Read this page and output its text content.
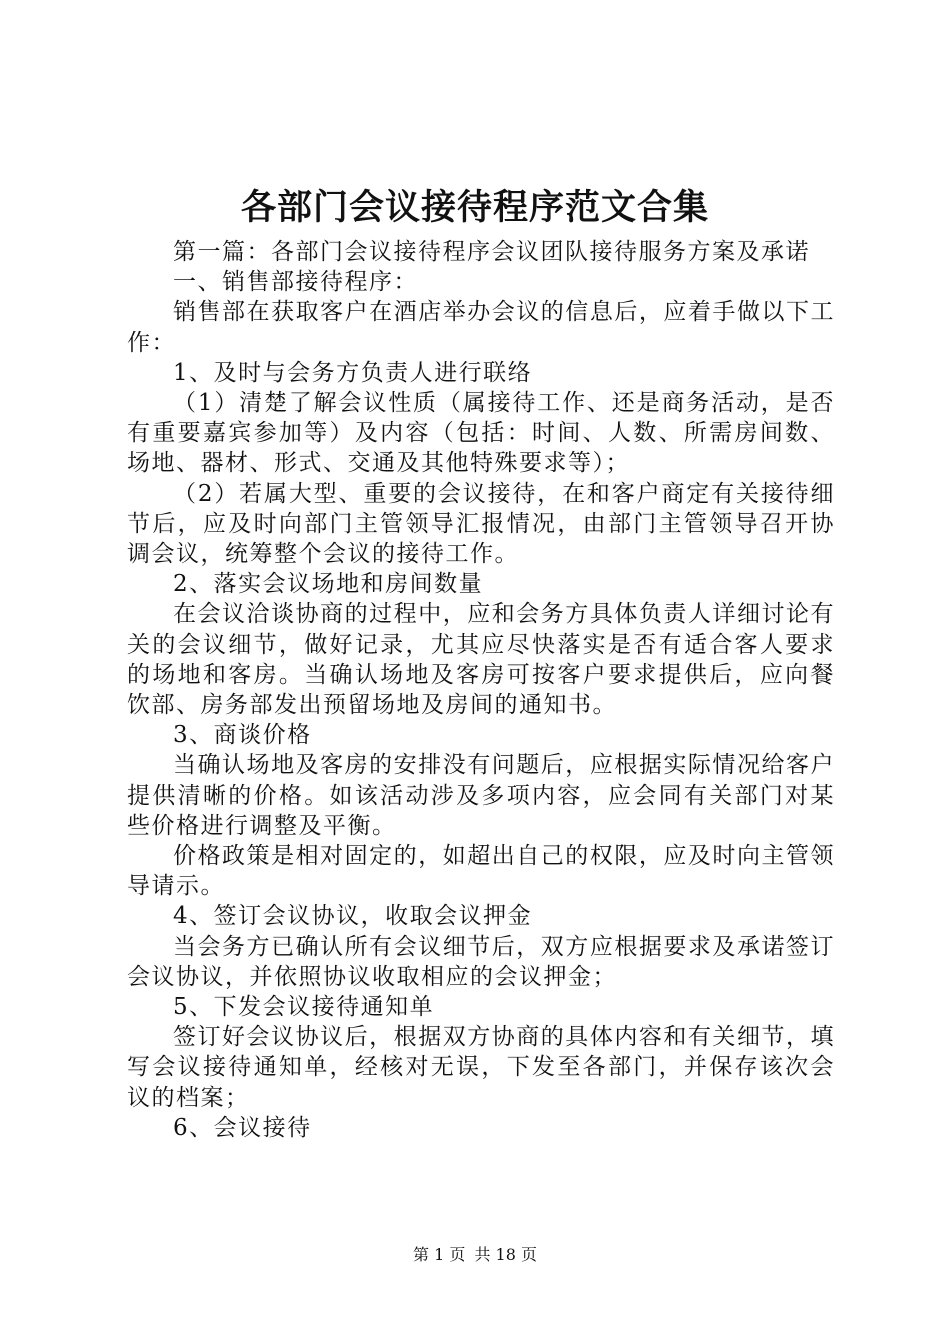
各部门会议接待程序范文合集

第一篇：各部门会议接待程序会议团队接待服务方案及承诺

一、销售部接待程序：

销售部在获取客户在酒店举办会议的信息后，应着手做以下工作：

1、及时与会务方负责人进行联络

（1）清楚了解会议性质（属接待工作、还是商务活动，是否有重要嘉宾参加等）及内容（包括：时间、人数、所需房间数、场地、器材、形式、交通及其他特殊要求等）；

（2）若属大型、重要的会议接待，在和客户商定有关接待细节后，应及时向部门主管领导汇报情况，由部门主管领导召开协调会议，统筹整个会议的接待工作。

2、落实会议场地和房间数量

在会议洽谈协商的过程中，应和会务方具体负责人详细讨论有关的会议细节，做好记录，尤其应尽快落实是否有适合客人要求的场地和客房。当确认场地及客房可按客户要求提供后，应向餐饮部、房务部发出预留场地及房间的通知书。

3、商谈价格

当确认场地及客房的安排没有问题后，应根据实际情况给客户提供清晰的价格。如该活动涉及多项内容，应会同有关部门对某些价格进行调整及平衡。

价格政策是相对固定的，如超出自己的权限，应及时向主管领导请示。

4、签订会议协议，收取会议押金

当会务方已确认所有会议细节后，双方应根据要求及承诺签订会议协议，并依照协议收取相应的会议押金；

5、下发会议接待通知单

签订好会议协议后，根据双方协商的具体内容和有关细节，填写会议接待通知单，经核对无误，下发至各部门，并保存该次会议的档案；

6、会议接待

第 1 页 共 18 页
